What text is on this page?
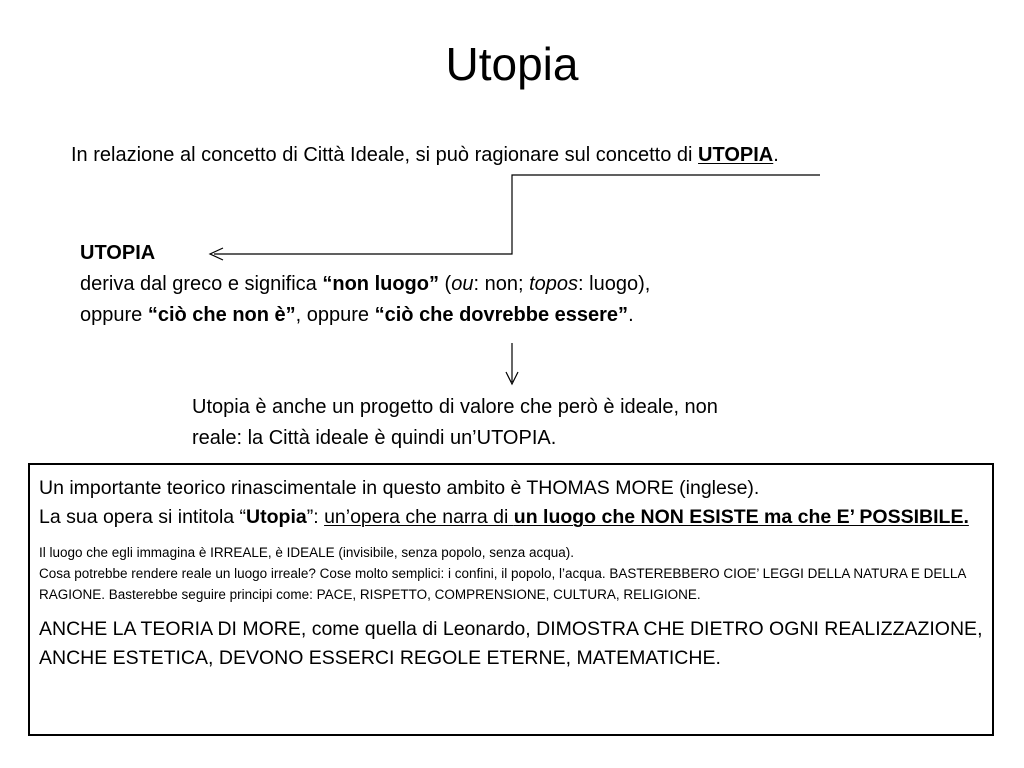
Utopia
In relazione al concetto di Città Ideale, si può ragionare sul concetto di UTOPIA.
UTOPIA
deriva dal greco e significa “non luogo” (ou: non; topos: luogo),
oppure “ciò che non è”, oppure “ciò che dovrebbe essere”.
Utopia è anche un progetto di valore che però è ideale, non
reale: la Città ideale è quindi un’UTOPIA.
Un importante teorico rinascimentale in questo ambito è THOMAS MORE (inglese).
La sua opera si intitola “Utopia”: un’opera che narra di un luogo che NON ESISTE ma che E’ POSSIBILE.
Il luogo che egli immagina è IRREALE, è IDEALE (invisibile, senza popolo, senza acqua).
Cosa potrebbe rendere reale un luogo irreale? Cose molto semplici: i confini, il popolo, l’acqua. BASTEREBBERO CIOE’ LEGGI DELLA NATURA E DELLA RAGIONE. Basterebbe seguire principi come: PACE, RISPETTO, COMPRENSIONE, CULTURA, RELIGIONE.
ANCHE LA TEORIA DI MORE, come quella di Leonardo, DIMOSTRA CHE DIETRO OGNI REALIZZAZIONE, ANCHE ESTETICA, DEVONO ESSERCI REGOLE ETERNE, MATEMATICHE.
